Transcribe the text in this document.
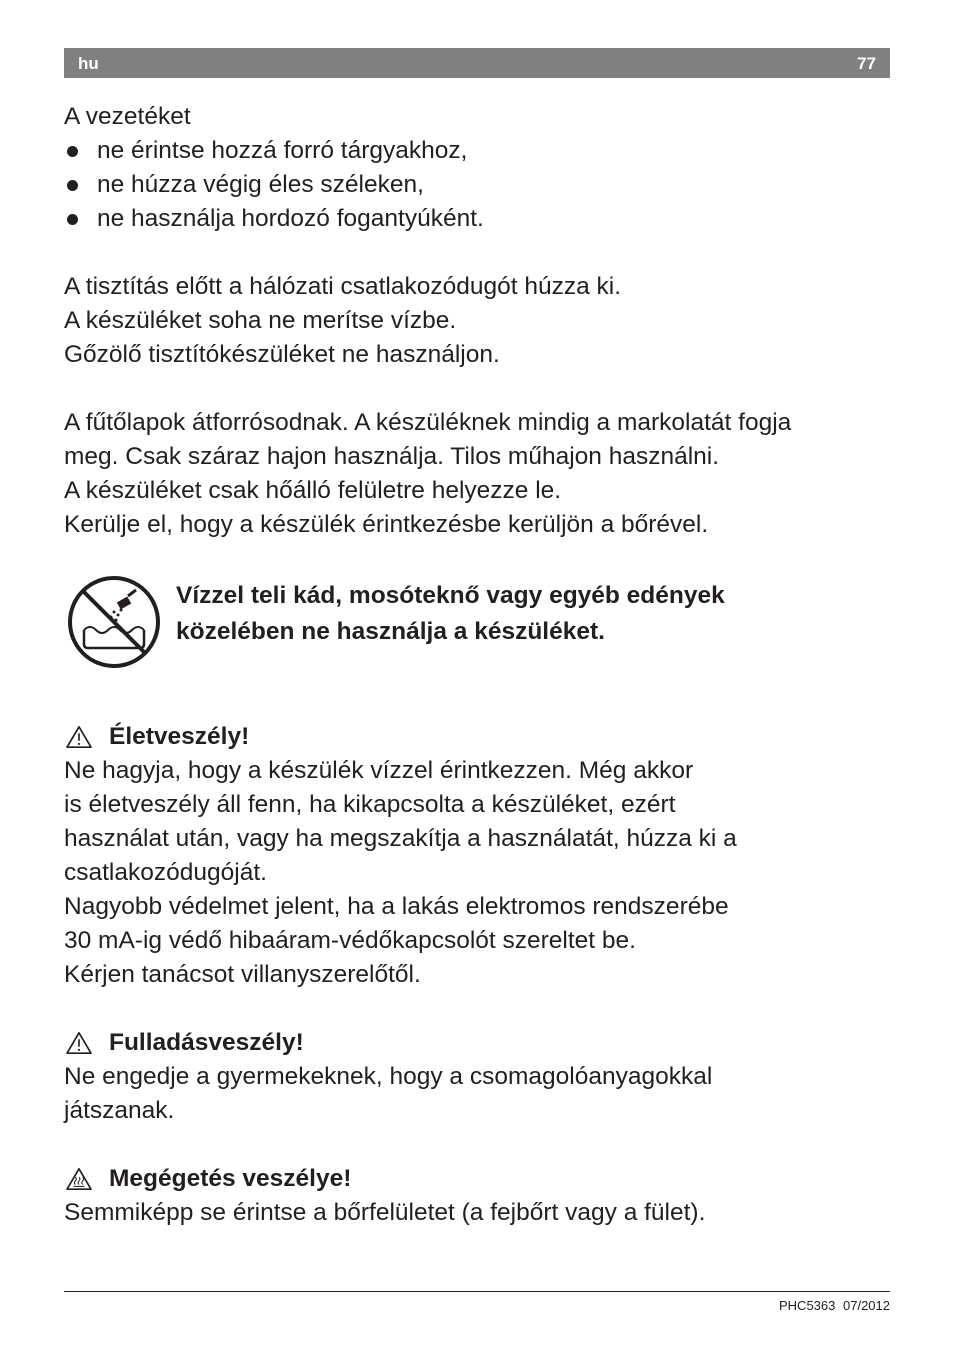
hu	77
A vezetéket
ne érintse hozzá forró tárgyakhoz,
ne húzza végig éles széleken,
ne használja hordozó fogantyúként.
A tisztítás előtt a hálózati csatlakozódugót húzza ki.
A készüléket soha ne merítse vízbe.
Gőzölő tisztítókészüléket ne használjon.
A fűtőlapok átforrósodnak. A készüléknek mindig a markolatát fogja
meg. Csak száraz hajon használja. Tilos műhajon használni.
A készüléket csak hőálló felületre helyezze le.
Kerülje el, hogy a készülék érintkezésbe kerüljön a bőrével.
Vízzel teli kád, mosóteknő vagy egyéb edények
közelében ne használja a készüléket.
Életveszély!
Ne hagyja, hogy a készülék vízzel érintkezzen. Még akkor
is életveszély áll fenn, ha kikapcsolta a készüléket, ezért
használat után, vagy ha megszakítja a használatát, húzza ki a
csatlakozódugóját.
Nagyobb védelmet jelent, ha a lakás elektromos rendszerébe
30 mA-ig védő hibaáram-védőkapcsolót szereltet be.
Kérjen tanácsot villanyszerelőtől.
Fulladásveszély!
Ne engedje a gyermekeknek, hogy a csomagolóanyagokkal
játszanak.
Megégetés veszélye!
Semmiképp se érintse a bőrfelületet (a fejbőrt vagy a fület).
PHC5363 07/2012
